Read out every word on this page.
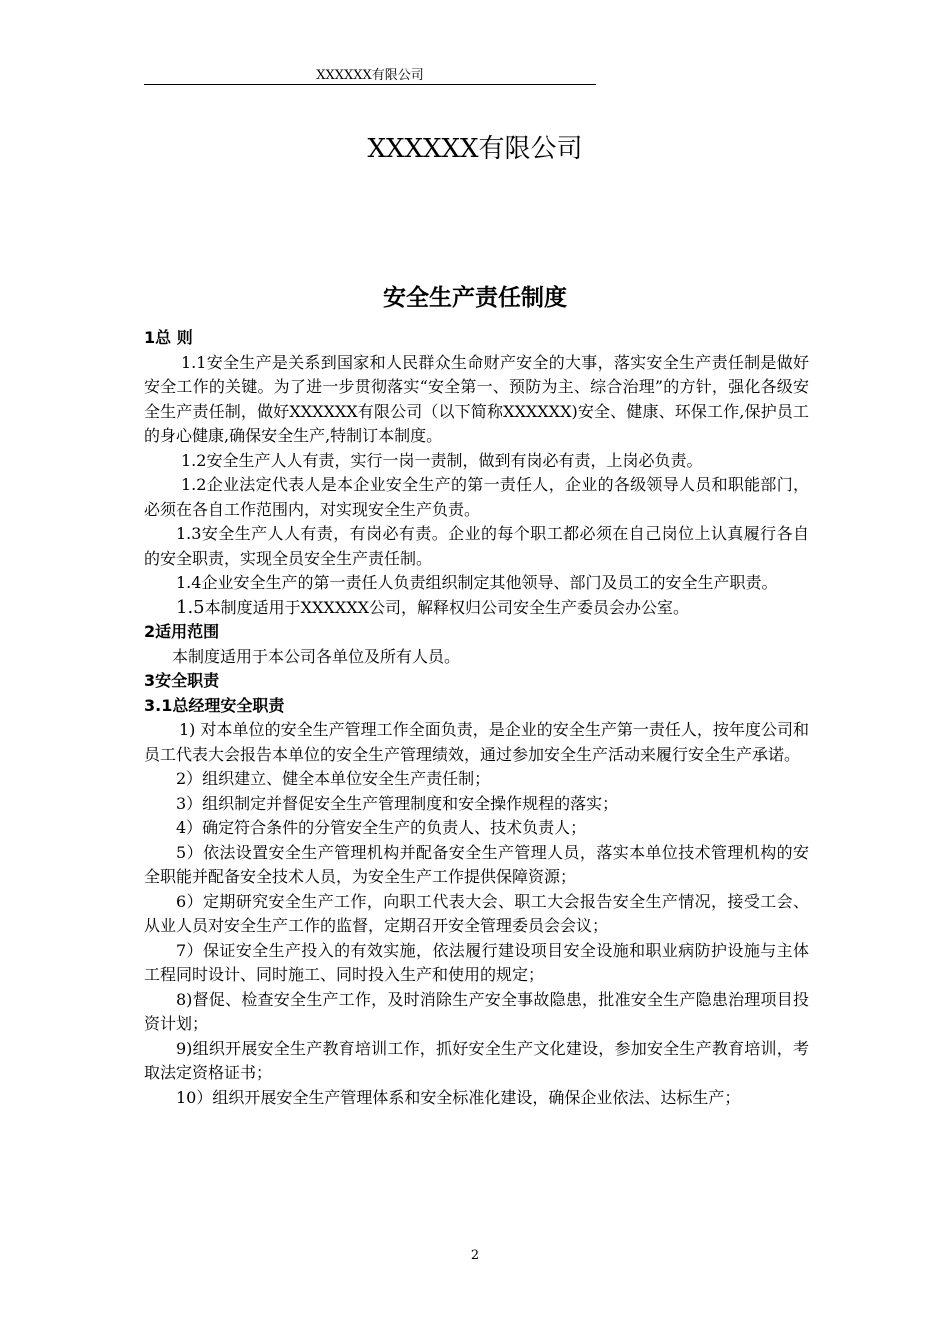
XXXXXX有限公司
XXXXXX有限公司
安全生产责任制度

1总 则

1.1安全生产是关系到国家和人民群众生命财产安全的大事，落实安全生产责任制是做好安全工作的关键。为了进一步贯彻落实“安全第一、预防为主、综合治理”的方针，强化各级安全生产责任制，做好XXXXXX有限公司（以下简称XXXXXX)安全、健康、环保工作,保护员工的身心健康,确保安全生产,特制订本制度。

1.2安全生产人人有责，实行一岗一责制，做到有岗必有责，上岗必负责。

1.2企业法定代表人是本企业安全生产的第一责任人，企业的各级领导人员和职能部门，必须在各自工作范围内，对实现安全生产负责。

1.3安全生产人人有责，有岗必有责。企业的每个职工都必须在自己岗位上认真履行各自的安全职责，实现全员安全生产责任制。

1.4企业安全生产的第一责任人负责组织制定其他领导、部门及员工的安全生产职责。

1.5本制度适用于XXXXXX公司，解释权归公司安全生产委员会办公室。

2适用范围

本制度适用于本公司各单位及所有人员。

3安全职责

3.1总经理安全职责

1) 对本单位的安全生产管理工作全面负责，是企业的安全生产第一责任人，按年度公司和员工代表大会报告本单位的安全生产管理绩效，通过参加安全生产活动来履行安全生产承诺。

2）组织建立、健全本单位安全生产责任制；

3）组织制定并督促安全生产管理制度和安全操作规程的落实；

4）确定符合条件的分管安全生产的负责人、技术负责人；

5）依法设置安全生产管理机构并配备安全生产管理人员，落实本单位技术管理机构的安全职能并配备安全技术人员，为安全生产工作提供保障资源；

6）定期研究安全生产工作，向职工代表大会、职工大会报告安全生产情况，接受工会、从业人员对安全生产工作的监督，定期召开安全管理委员会会议；

7）保证安全生产投入的有效实施，依法履行建设项目安全设施和职业病防护设施与主体工程同时设计、同时施工、同时投入生产和使用的规定；

8)督促、检查安全生产工作，及时消除生产安全事故隐患，批准安全生产隐患治理项目投资计划；

9)组织开展安全生产教育培训工作，抓好安全生产文化建设，参加安全生产教育培训，考取法定资格证书；

10）组织开展安全生产管理体系和安全标准化建设，确保企业依法、达标生产；

2
